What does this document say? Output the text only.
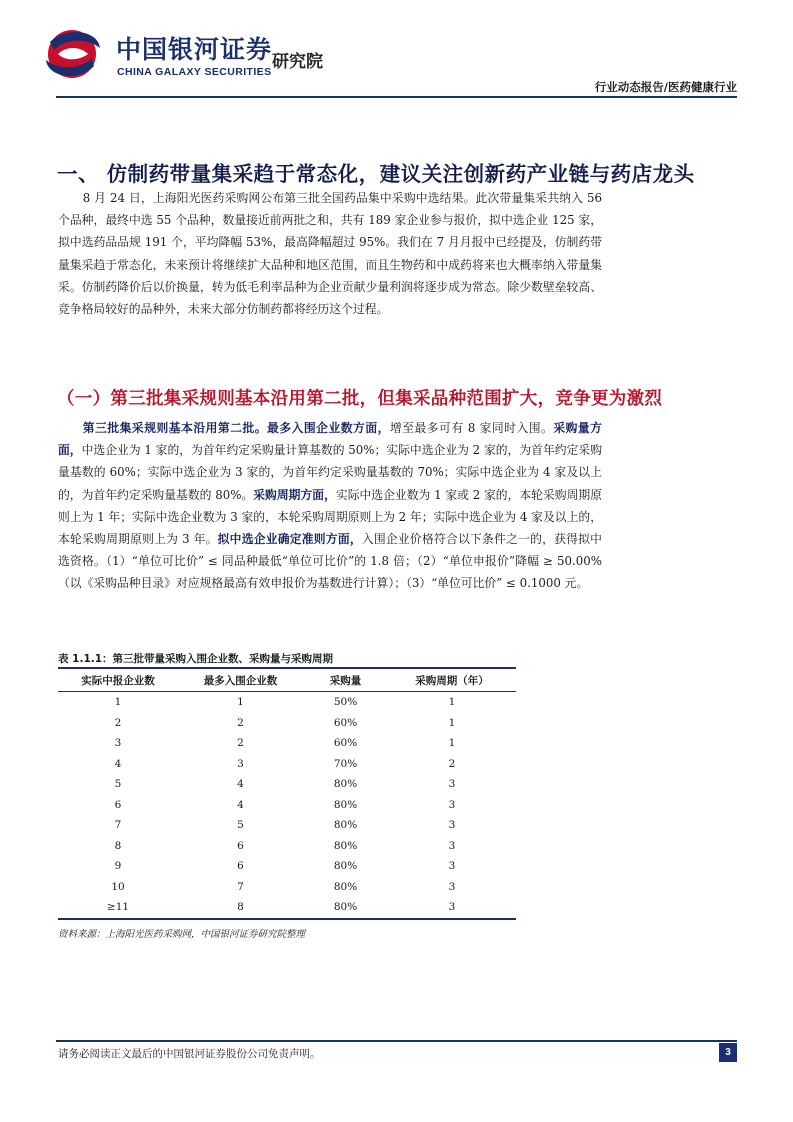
中国银河证券
CHINA GALAXY SECURITIES 研究院
行业动态报告/医药健康行业
一、 仿制药带量集采趋于常态化，建议关注创新药产业链与药店龙头
8 月 24 日，上海阳光医药采购网公布第三批全国药品集中采购中选结果。此次带量集采共纳入 56 个品种，最终中选 55 个品种，数量接近前两批之和，共有 189 家企业参与报价，拟中选企业 125 家，拟中选药品品规 191 个，平均降幅 53%，最高降幅超过 95%。我们在 7 月月报中已经提及，仿制药带量集采趋于常态化，未来预计将继续扩大品种和地区范围，而且生物药和中成药将来也大概率纳入带量集采。仿制药降价后以价换量，转为低毛利率品种为企业贡献少量利润将逐步成为常态。除少数壁垒较高、竞争格局较好的品种外，未来大部分仿制药都将经历这个过程。
（一）第三批集采规则基本沿用第二批，但集采品种范围扩大，竞争更为激烈
第三批集采规则基本沿用第二批。最多入围企业数方面，增至最多可有 8 家同时入围。采购量方面，中选企业为 1 家的，为首年约定采购量计算基数的 50%；实际中选企业为 2 家的，为首年约定采购量基数的 60%；实际中选企业为 3 家的，为首年约定采购量基数的 70%；实际中选企业为 4 家及以上的，为首年约定采购量基数的 80%。采购周期方面，实际中选企业数为 1 家或 2 家的，本轮采购周期原则上为 1 年；实际中选企业数为 3 家的，本轮采购周期原则上为 2 年；实际中选企业为 4 家及以上的，本轮采购周期原则上为 3 年。拟中选企业确定准则方面，入围企业价格符合以下条件之一的，获得拟中选资格。（1）“单位可比价” ≤ 同品种最低“单位可比价”的 1.8 倍；（2）“单位申报价”降幅 ≥ 50.00%（以《采购品种目录》对应规格最高有效申报价为基数进行计算）；（3）“单位可比价” ≤ 0.1000 元。
表 1.1.1：第三批带量采购入围企业数、采购量与采购周期
实际中报企业数	最多入围企业数	采购量	采购周期（年）
1	1	50%	1
2	2	60%	1
3	2	60%	1
4	3	70%	2
5	4	80%	3
6	4	80%	3
7	5	80%	3
8	6	80%	3
9	6	80%	3
10	7	80%	3
≥11	8	80%	3
资料来源：上海阳光医药采购网，中国银河证券研究院整理
请务必阅读正文最后的中国银河证券股份公司免责声明。	3
